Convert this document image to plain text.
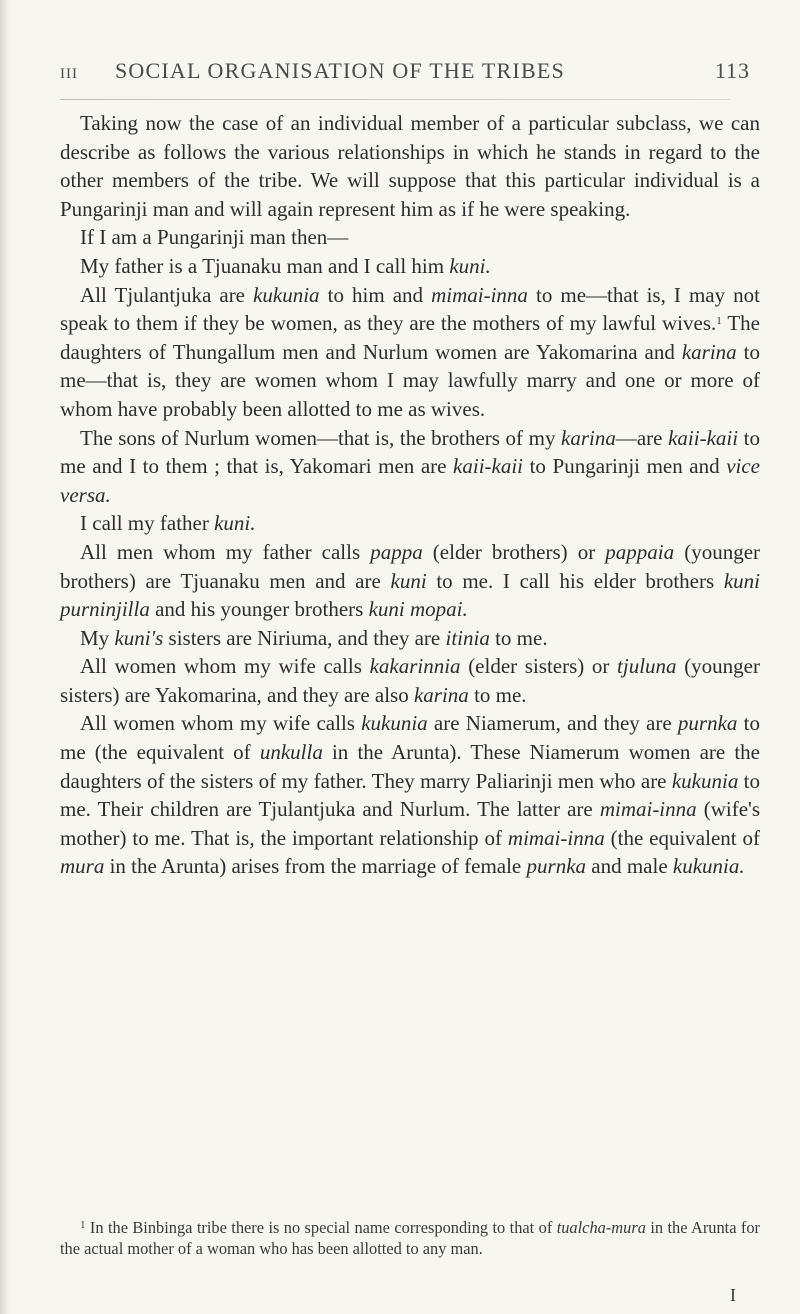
III SOCIAL ORGANISATION OF THE TRIBES	113

Taking now the case of an individual member of a particular subclass, we can describe as follows the various relationships in which he stands in regard to the other members of the tribe. We will suppose that this particular individual is a Pungarinji man and will again represent him as if he were speaking.

If I am a Pungarinji man then—

My father is a Tjuanaku man and I call him kuni.

All Tjulantjuka are kukunia to him and mimai-inna to me—that is, I may not speak to them if they be women, as they are the mothers of my lawful wives.$^1$ The daughters of Thungallum men and Nurlum women are Yakomarina and karina to me—that is, they are women whom I may lawfully marry and one or more of whom have probably been allotted to me as wives.

The sons of Nurlum women—that is, the brothers of my karina—are kaii-kaii to me and I to them ; that is, Yakomari men are kaii-kaii to Pungarinji men and vice versa.

I call my father kuni.

All men whom my father calls pappa (elder brothers) or pappaia (younger brothers) are Tjuanaku men and are kuni to me. I call his elder brothers kuni purninjilla and his younger brothers kuni mopai.

My kuni's sisters are Niriuma, and they are itinia to me.

All women whom my wife calls kakarinnia (elder sisters) or tjuluna (younger sisters) are Yakomarina, and they are also karina to me.

All women whom my wife calls kukunia are Niamerum, and they are purnka to me (the equivalent of unkulla in the Arunta). These Niamerum women are the daughters of the sisters of my father. They marry Paliarinji men who are kukunia to me. Their children are Tjulantjuka and Nurlum. The latter are mimai-inna (wife's mother) to me. That is, the important relationship of mimai-inna (the equivalent of mura in the Arunta) arises from the marriage of female purnka and male kukunia.

$^1$ In the Binbinga tribe there is no special name corresponding to that of tualcha-mura in the Arunta for the actual mother of a woman who has been allotted to any man.
I
